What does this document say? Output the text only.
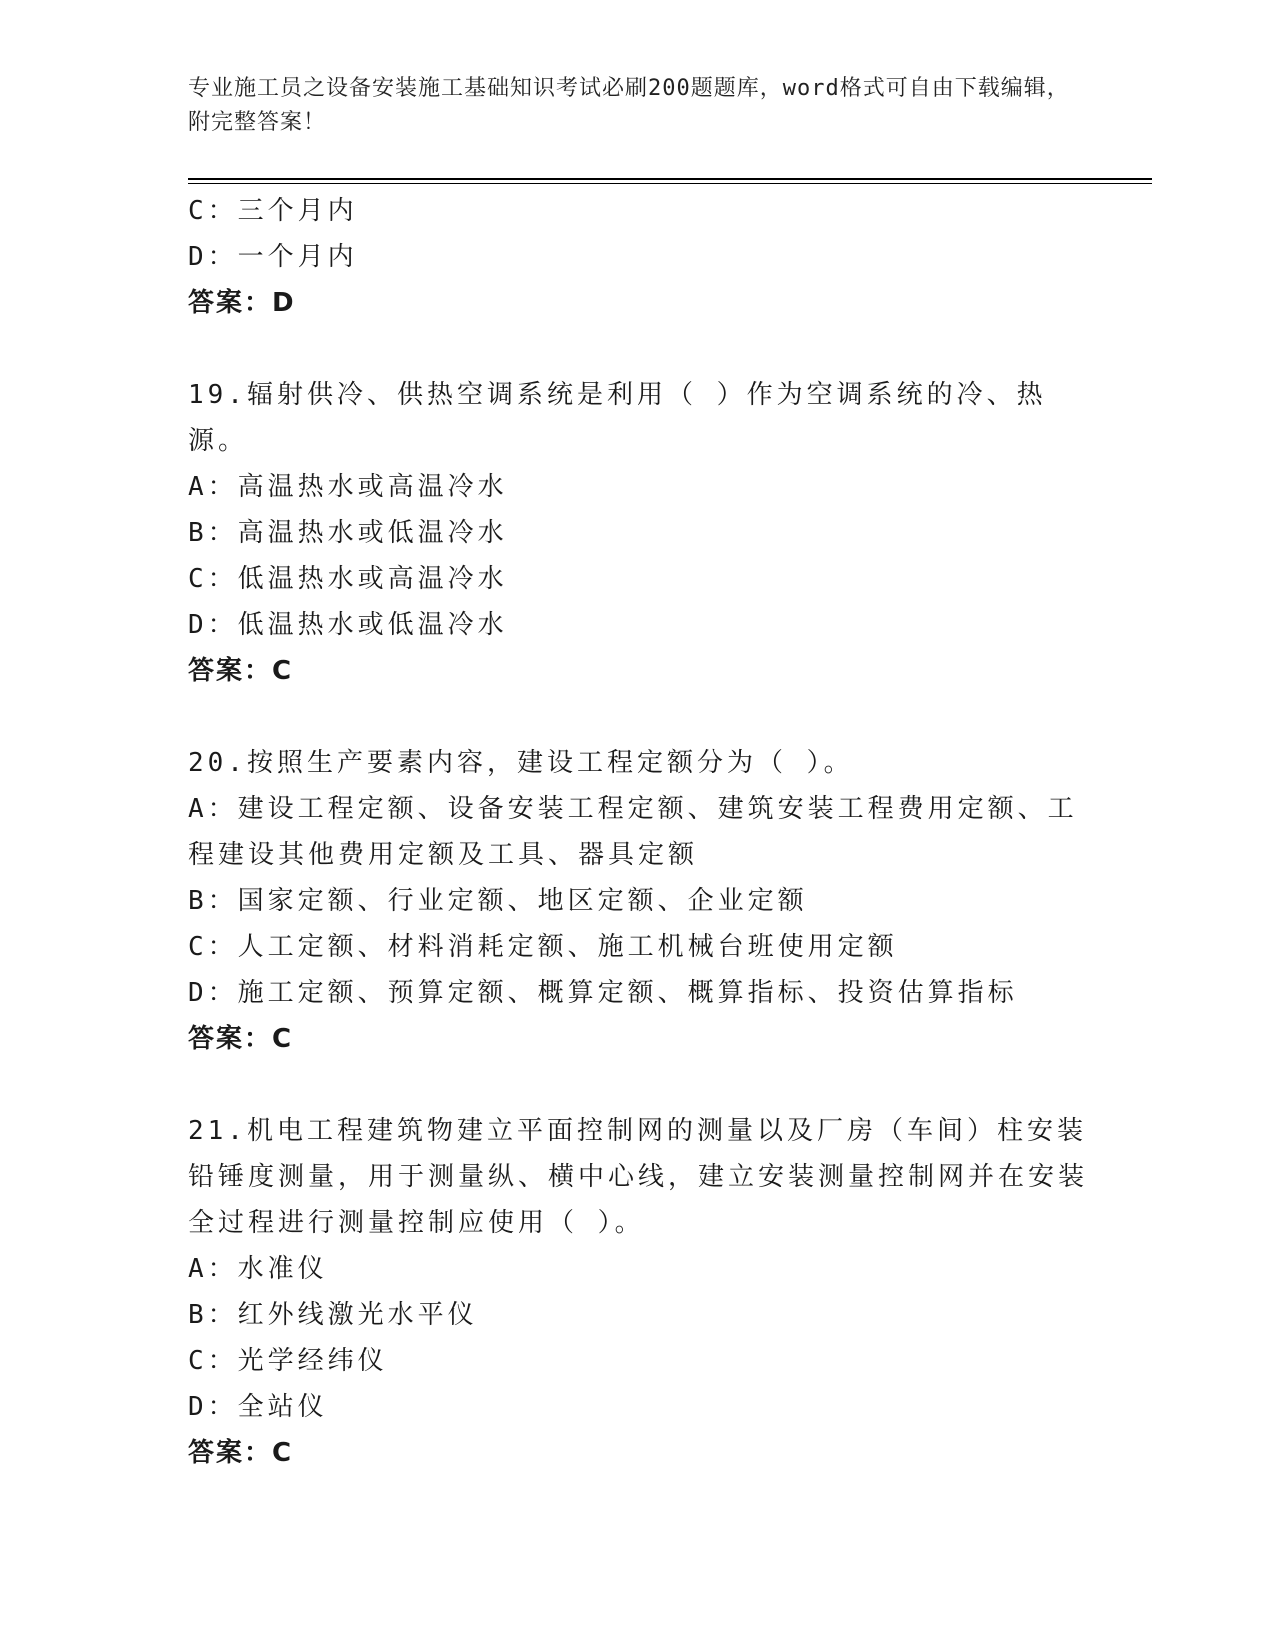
专业施工员之设备安装施工基础知识考试必刷200题题库，word格式可自由下载编辑，附完整答案！

C：三个月内

D：一个月内

答案：D

19.辐射供冷、供热空调系统是利用（ ）作为空调系统的冷、热源。

A：高温热水或高温冷水

B：高温热水或低温冷水

C：低温热水或高温冷水

D：低温热水或低温冷水

答案：C

20.按照生产要素内容，建设工程定额分为（ ）。

A：建设工程定额、设备安装工程定额、建筑安装工程费用定额、工程建设其他费用定额及工具、器具定额

B：国家定额、行业定额、地区定额、企业定额

C：人工定额、材料消耗定额、施工机械台班使用定额

D：施工定额、预算定额、概算定额、概算指标、投资估算指标

答案：C

21.机电工程建筑物建立平面控制网的测量以及厂房（车间）柱安装铅锤度测量，用于测量纵、横中心线，建立安装测量控制网并在安装全过程进行测量控制应使用（ ）。

A：水准仪

B：红外线激光水平仪

C：光学经纬仪

D：全站仪

答案：C
